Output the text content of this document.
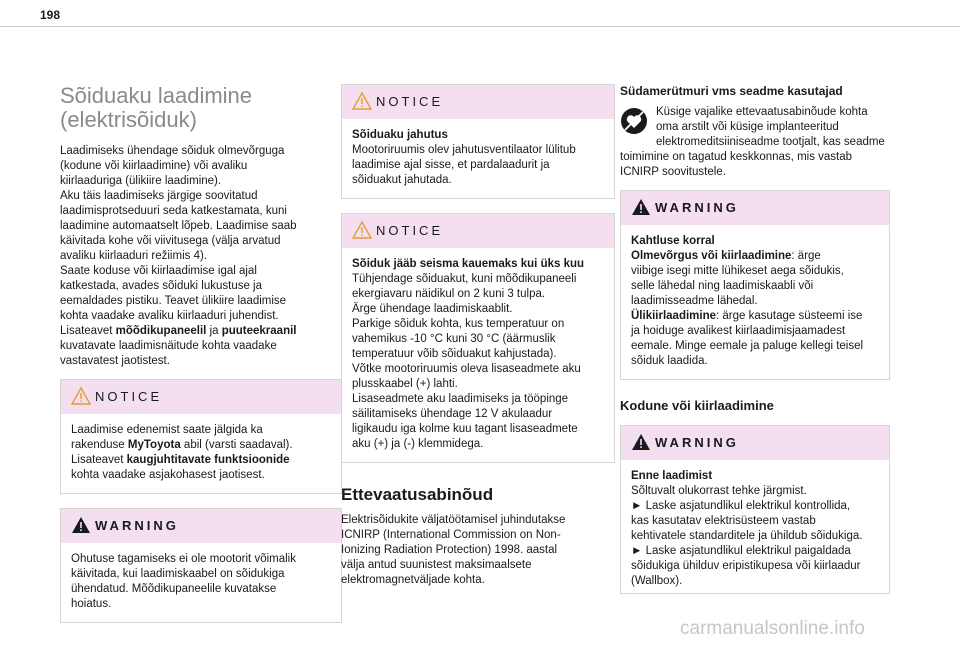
198
Sõiduaku laadimine
(elektrisõiduk)

Laadimiseks ühendage sõiduk olmevõrguga

(kodune või kiirlaadimine) või avaliku

kiirlaaduriga (ülikiire laadimine).

Aku täis laadimiseks järgige soovitatud

laadimisprotseduuri seda katkestamata, kuni

laadimine automaatselt lõpeb. Laadimise saab

käivitada kohe või viivitusega (välja arvatud

avaliku kiirlaaduri režiimis 4).

Saate koduse või kiirlaadimise igal ajal

katkestada, avades sõiduki lukustuse ja

eemaldades pistiku. Teavet ülikiire laadimise

kohta vaadake avaliku kiirlaaduri juhendist.

Lisateavet mõõdikupaneelil ja puuteekraanil

kuvatavate laadimisnäitude kohta vaadake

vastavatest jaotistest.

NOTICE

Laadimise edenemist saate jälgida ka

rakenduse MyToyota abil (varsti saadaval).

Lisateavet kaugjuhtitavate funktsioonide

kohta vaadake asjakohasest jaotisest.

WARNING

Ohutuse tagamiseks ei ole mootorit võimalik

käivitada, kui laadimiskaabel on sõidukiga

ühendatud. Mõõdikupaneelile kuvatakse

hoiatus.

NOTICE

Sõiduaku jahutus

Mootoriruumis olev jahutusventilaator lülitub

laadimise ajal sisse, et pardalaadurit ja

sõiduakut jahutada.

NOTICE

Sõiduk jääb seisma kauemaks kui üks kuu

Tühjendage sõiduakut, kuni mõõdikupaneeli

ekergiavaru näidikul on 2 kuni 3 tulpa.

Ärge ühendage laadimiskaablit.

Parkige sõiduk kohta, kus temperatuur on

vahemikus -10 °C kuni 30 °C (äärmuslik

temperatuur võib sõiduakut kahjustada).

Võtke mootoriruumis oleva lisaseadmete aku

plusskaabel (+) lahti.

Lisaseadmete aku laadimiseks ja tööpinge

säilitamiseks ühendage 12 V akulaadur

ligikaudu iga kolme kuu tagant lisaseadmete

aku (+) ja (-) klemmidega.

Ettevaatusabinõud

Elektrisõidukite väljatöötamisel juhindutakse

ICNIRP (International Commission on Non-

Ionizing Radiation Protection) 1998. aastal

välja antud suunistest maksimaalsete

elektromagnetväljade kohta.

Südamerütmuri vms seadme kasutajad

Küsige vajalike ettevaatusabinõude kohta

oma arstilt või küsige implanteeritud

elektromeditsiiniseadme tootjalt, kas seadme

toimimine on tagatud keskkonnas, mis vastab

ICNIRP soovitustele.

WARNING

Kahtluse korral

Olmevõrgus või kiirlaadimine: ärge

viibige isegi mitte lühikeset aega sõidukis,

selle lähedal ning laadimiskaabli või

laadimisseadme lähedal.

Ülikiirlaadimine: ärge kasutage süsteemi ise

ja hoiduge avalikest kiirlaadimisjaamadest

eemale. Minge eemale ja paluge kellegi teisel

sõiduk laadida.

Kodune või kiirlaadimine
WARNING

Enne laadimist

Sõltuvalt olukorrast tehke järgmist.

► Laske asjatundlikul elektrikul kontrollida,

kas kasutatav elektrisüsteem vastab

kehtivatele standarditele ja ühildub sõidukiga.

► Laske asjatundlikul elektrikul paigaldada

sõidukiga ühilduv eripistikupesa või kiirlaadur

(Wallbox).

carmanualsonline.info
